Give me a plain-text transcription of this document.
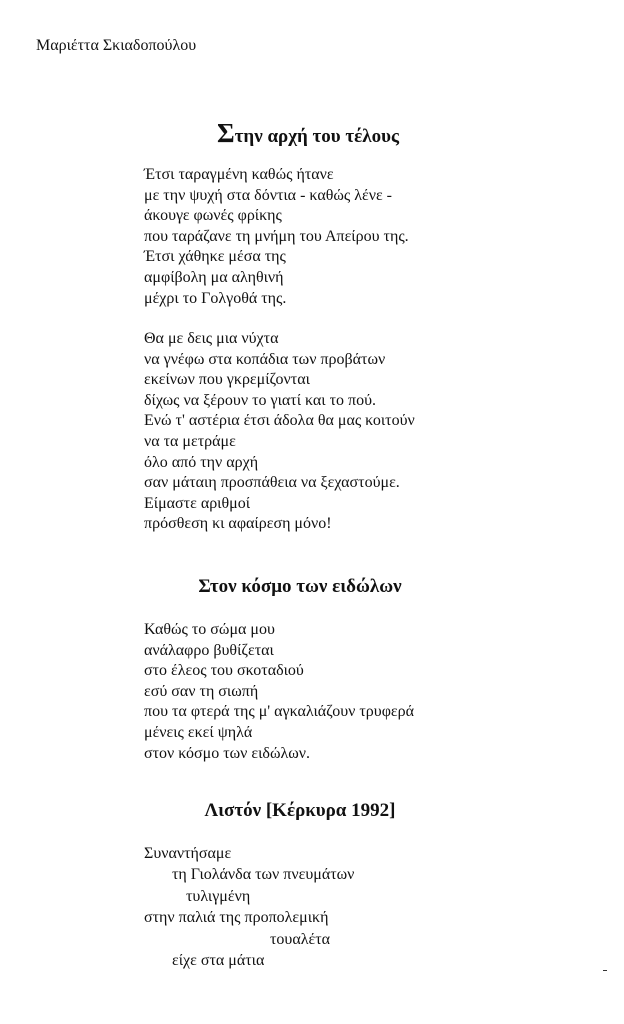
Μαριέττα Σκιαδοπούλου
Στην αρχή του τέλους
Έτσι ταραγμένη καθώς ήτανε
με την ψυχή στα δόντια - καθώς λένε -
άκουγε φωνές φρίκης
που ταράζανε τη μνήμη του Απείρου της.
Έτσι χάθηκε μέσα της
αμφίβολη μα αληθινή
μέχρι το Γολγοθά της.
Θα με δεις μια νύχτα
να γνέφω στα κοπάδια των προβάτων
εκείνων που γκρεμίζονται
δίχως να ξέρουν το γιατί και το πού.
Ενώ τ' αστέρια έτσι άδολα θα μας κοιτούν
να τα μετράμε
όλο από την αρχή
σαν μάταιη προσπάθεια να ξεχαστούμε.
Είμαστε αριθμοί
πρόσθεση κι αφαίρεση μόνο!
Στον κόσμο των ειδώλων
Καθώς το σώμα μου
ανάλαφρο βυθίζεται
στο έλεος του σκοταδιού
εσύ σαν τη σιωπή
που τα φτερά της μ' αγκαλιάζουν τρυφερά
μένεις εκεί ψηλά
στον κόσμο των ειδώλων.
Λιστόν [Κέρκυρα 1992]
Συναντήσαμε
τη Γιολάνδα των πνευμάτων
τυλιγμένη
στην παλιά της προπολεμική
τουαλέτα
είχε στα μάτια
